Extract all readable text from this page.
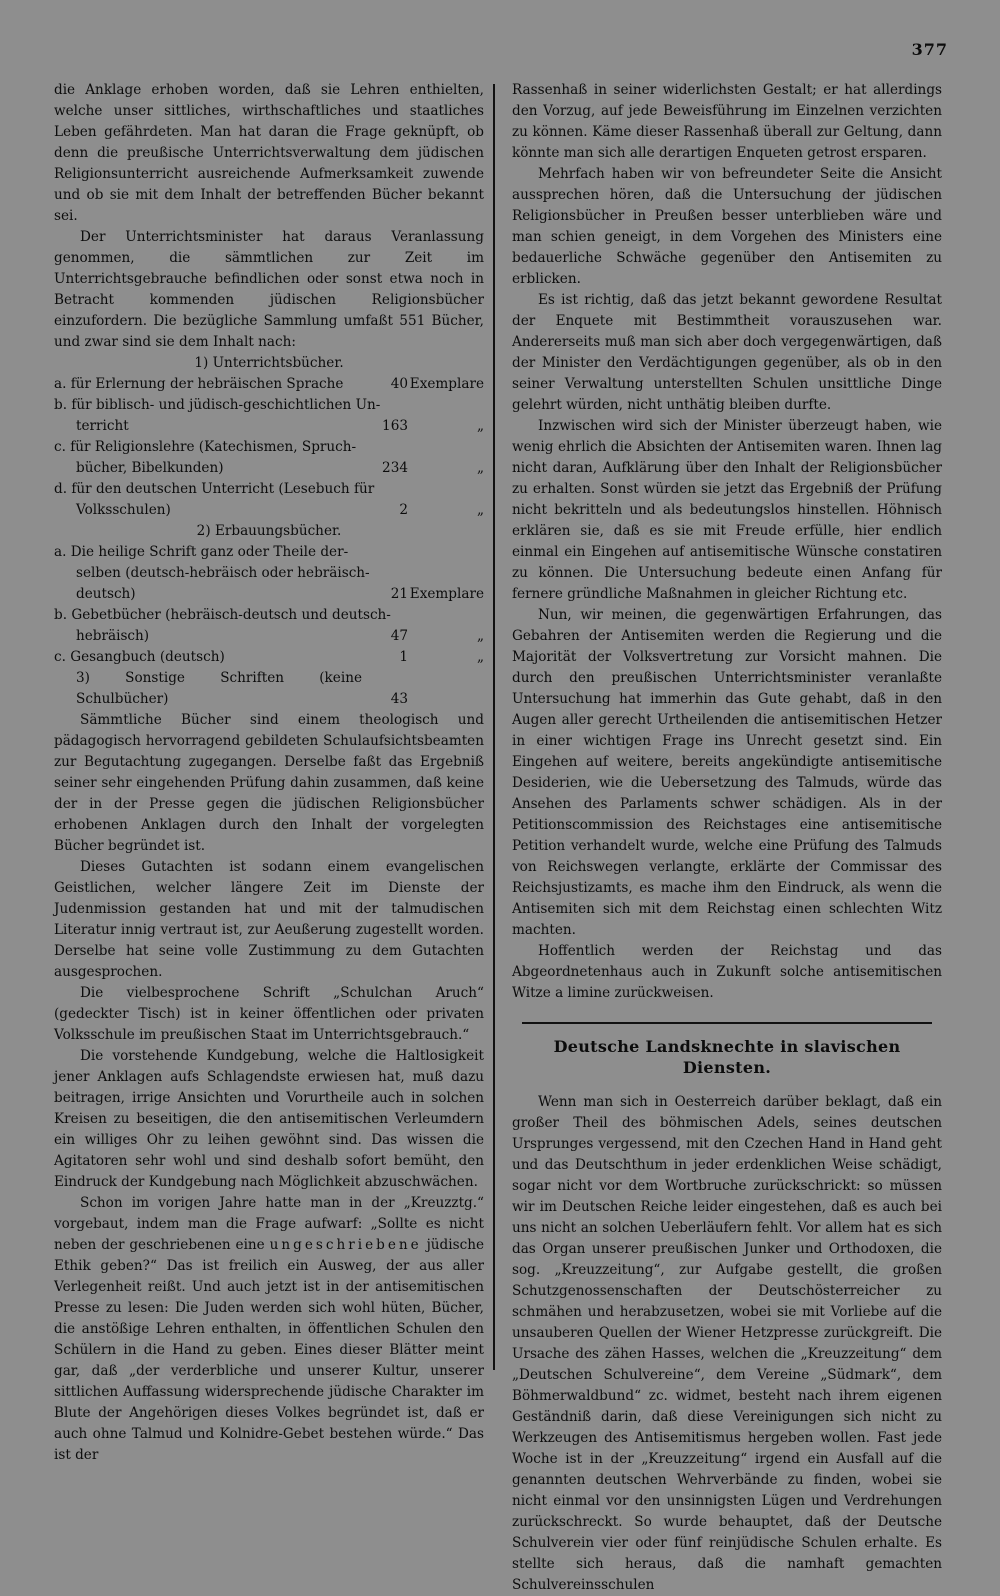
377

die Anklage erhoben worden, daß sie Lehren enthielten, welche unser sittliches, wirthschaftliches und staatliches Leben gefährdeten. Man hat daran die Frage geknüpft, ob denn die preußische Unterrichtsverwaltung dem jüdischen Religionsunterricht ausreichende Aufmerksamkeit zuwende und ob sie mit dem Inhalt der betreffenden Bücher bekannt sei.

Der Unterrichtsminister hat daraus Veranlassung genommen, die sämmtlichen zur Zeit im Unterrichtsgebrauche befindlichen oder sonst etwa noch in Betracht kommenden jüdischen Religionsbücher einzufordern. Die bezügliche Sammlung umfaßt 551 Bücher, und zwar sind sie dem Inhalt nach:

1) Unterrichtsbücher.
a. für Erlernung der hebräischen Sprache	40 Exemplare
b. für biblisch- und jüdisch-geschichtlichen Un-
terricht	163	„
c. für Religionslehre (Katechismen, Spruch-
bücher, Bibelkunden)	234	„
d. für den deutschen Unterricht (Lesebuch für
Volksschulen)	2	„
2) Erbauungsbücher.
a. Die heilige Schrift ganz oder Theile der-
selben (deutsch-hebräisch oder hebräisch-
deutsch)	21 Exemplare
b. Gebetbücher (hebräisch-deutsch und deutsch-
hebräisch)	47	„
c. Gesangbuch (deutsch)	1	„
3) Sonstige Schriften (keine Schulbücher)	43

Sämmtliche Bücher sind einem theologisch und pädagogisch hervorragend gebildeten Schulaufsichtsbeamten zur Begutachtung zugegangen. Derselbe faßt das Ergebniß seiner sehr eingehenden Prüfung dahin zusammen, daß keine der in der Presse gegen die jüdischen Religionsbücher erhobenen Anklagen durch den Inhalt der vorgelegten Bücher begründet ist.

Dieses Gutachten ist sodann einem evangelischen Geistlichen, welcher längere Zeit im Dienste der Judenmission gestanden hat und mit der talmudischen Literatur innig vertraut ist, zur Aeußerung zugestellt worden. Derselbe hat seine volle Zustimmung zu dem Gutachten ausgesprochen.

Die vielbesprochene Schrift „Schulchan Aruch“ (gedeckter Tisch) ist in keiner öffentlichen oder privaten Volksschule im preußischen Staat im Unterrichtsgebrauch.“

Die vorstehende Kundgebung, welche die Haltlosigkeit jener Anklagen aufs Schlagendste erwiesen hat, muß dazu beitragen, irrige Ansichten und Vorurtheile auch in solchen Kreisen zu beseitigen, die den antisemitischen Verleumdern ein williges Ohr zu leihen gewöhnt sind. Das wissen die Agitatoren sehr wohl und sind deshalb sofort bemüht, den Eindruck der Kundgebung nach Möglichkeit abzuschwächen.

Schon im vorigen Jahre hatte man in der „Kreuzztg.“ vorgebaut, indem man die Frage aufwarf: „Sollte es nicht neben der geschriebenen eine ungeschriebene jüdische Ethik geben?“ Das ist freilich ein Ausweg, der aus aller Verlegenheit reißt. Und auch jetzt ist in der antisemitischen Presse zu lesen: Die Juden werden sich wohl hüten, Bücher, die anstößige Lehren enthalten, in öffentlichen Schulen den Schülern in die Hand zu geben. Eines dieser Blätter meint gar, daß „der verderbliche und unserer Kultur, unserer sittlichen Auffassung widersprechende jüdische Charakter im Blute der Angehörigen dieses Volkes begründet ist, daß er auch ohne Talmud und Kolnidre-Gebet bestehen würde.“ Das ist der

Rassenhaß in seiner widerlichsten Gestalt; er hat allerdings den Vorzug, auf jede Beweisführung im Einzelnen verzichten zu können. Käme dieser Rassenhaß überall zur Geltung, dann könnte man sich alle derartigen Enqueten getrost ersparen.

Mehrfach haben wir von befreundeter Seite die Ansicht aussprechen hören, daß die Untersuchung der jüdischen Religionsbücher in Preußen besser unterblieben wäre und man schien geneigt, in dem Vorgehen des Ministers eine bedauerliche Schwäche gegenüber den Antisemiten zu erblicken.

Es ist richtig, daß das jetzt bekannt gewordene Resultat der Enquete mit Bestimmtheit vorauszusehen war. Andererseits muß man sich aber doch vergegenwärtigen, daß der Minister den Verdächtigungen gegenüber, als ob in den seiner Verwaltung unterstellten Schulen unsittliche Dinge gelehrt würden, nicht unthätig bleiben durfte.

Inzwischen wird sich der Minister überzeugt haben, wie wenig ehrlich die Absichten der Antisemiten waren. Ihnen lag nicht daran, Aufklärung über den Inhalt der Religionsbücher zu erhalten. Sonst würden sie jetzt das Ergebniß der Prüfung nicht bekritteln und als bedeutungslos hinstellen. Höhnisch erklären sie, daß es sie mit Freude erfülle, hier endlich einmal ein Eingehen auf antisemitische Wünsche constatiren zu können. Die Untersuchung bedeute einen Anfang für fernere gründliche Maßnahmen in gleicher Richtung etc.

Nun, wir meinen, die gegenwärtigen Erfahrungen, das Gebahren der Antisemiten werden die Regierung und die Majorität der Volksvertretung zur Vorsicht mahnen. Die durch den preußischen Unterrichtsminister veranlaßte Untersuchung hat immerhin das Gute gehabt, daß in den Augen aller gerecht Urtheilenden die antisemitischen Hetzer in einer wichtigen Frage ins Unrecht gesetzt sind. Ein Eingehen auf weitere, bereits angekündigte antisemitische Desiderien, wie die Uebersetzung des Talmuds, würde das Ansehen des Parlaments schwer schädigen. Als in der Petitionscommission des Reichstages eine antisemitische Petition verhandelt wurde, welche eine Prüfung des Talmuds von Reichswegen verlangte, erklärte der Commissar des Reichsjustizamts, es mache ihm den Eindruck, als wenn die Antisemiten sich mit dem Reichstag einen schlechten Witz machten.

Hoffentlich werden der Reichstag und das Abgeordnetenhaus auch in Zukunft solche antisemitischen Witze a limine zurückweisen.

Deutsche Landsknechte in slavischen Diensten.

Wenn man sich in Oesterreich darüber beklagt, daß ein großer Theil des böhmischen Adels, seines deutschen Ursprunges vergessend, mit den Czechen Hand in Hand geht und das Deutschthum in jeder erdenklichen Weise schädigt, sogar nicht vor dem Wortbruche zurückschrickt: so müssen wir im Deutschen Reiche leider eingestehen, daß es auch bei uns nicht an solchen Ueberläufern fehlt. Vor allem hat es sich das Organ unserer preußischen Junker und Orthodoxen, die sog. „Kreuzzeitung“, zur Aufgabe gestellt, die großen Schutzgenossenschaften der Deutschösterreicher zu schmähen und herabzusetzen, wobei sie mit Vorliebe auf die unsauberen Quellen der Wiener Hetzpresse zurückgreift. Die Ursache des zähen Hasses, welchen die „Kreuzzeitung“ dem „Deutschen Schulvereine“, dem Vereine „Südmark“, dem Böhmerwaldbund“ zc. widmet, besteht nach ihrem eigenen Geständniß darin, daß diese Vereinigungen sich nicht zu Werkzeugen des Antisemitismus hergeben wollen. Fast jede Woche ist in der „Kreuzzeitung“ irgend ein Ausfall auf die genannten deutschen Wehrverbände zu finden, wobei sie nicht einmal vor den unsinnigsten Lügen und Verdrehungen zurückschreckt. So wurde behauptet, daß der Deutsche Schulverein vier oder fünf reinjüdische Schulen erhalte. Es stellte sich heraus, daß die namhaft gemachten Schulvereinsschulen
